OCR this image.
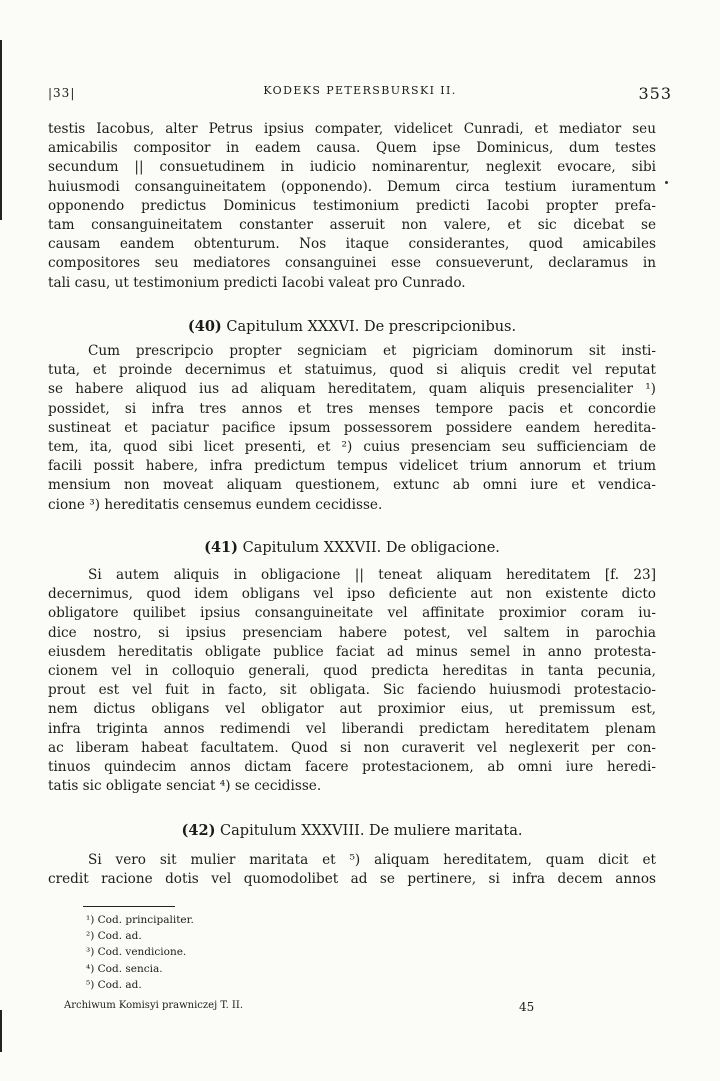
|33|	KODEKS PETERSBURSKI II.	353
testis Iacobus, alter Petrus ipsius compater, videlicet Cunradi, et mediator seu
amicabilis compositor in eadem causa. Quem ipse Dominicus, dum testes
secundum || consuetudinem in iudicio nominarentur, neglexit evocare, sibi
huiusmodi consanguineitatem (opponendo). Demum circa testium iuramentum
opponendo predictus Dominicus testimonium predicti Iacobi propter prefa-
tam consanguineitatem constanter asseruit non valere, et sic dicebat se
causam eandem obtenturum. Nos itaque considerantes, quod amicabiles
compositores seu mediatores consanguinei esse consueverunt, declaramus in
tali casu, ut testimonium predicti Iacobi valeat pro Cunrado.
(40) Capitulum XXXVI. De prescripcionibus.
Cum prescripcio propter segniciam et pigriciam dominorum sit insti-
tuta, et proinde decernimus et statuimus, quod si aliquis credit vel reputat
se habere aliquod ius ad aliquam hereditatem, quam aliquis presencialiter ¹)
possidet, si infra tres annos et tres menses tempore pacis et concordie
sustineat et paciatur pacifice ipsum possessorem possidere eandem heredita-
tem, ita, quod sibi licet presenti, et ²) cuius presenciam seu sufficienciam de
facili possit habere, infra predictum tempus videlicet trium annorum et trium
mensium non moveat aliquam questionem, extunc ab omni iure et vendica-
cione ³) hereditatis censemus eundem cecidisse.
(41) Capitulum XXXVII. De obligacione.
Si autem aliquis in obligacione || teneat aliquam hereditatem [f. 23]
decernimus, quod idem obligans vel ipso deficiente aut non existente dicto
obligatore quilibet ipsius consanguineitate vel affinitate proximior coram iu-
dice nostro, si ipsius presenciam habere potest, vel saltem in parochia
eiusdem hereditatis obligate publice faciat ad minus semel in anno protesta-
cionem vel in colloquio generali, quod predicta hereditas in tanta pecunia,
prout est vel fuit in facto, sit obligata. Sic faciendo huiusmodi protestacio-
nem dictus obligans vel obligator aut proximior eius, ut premissum est,
infra triginta annos redimendi vel liberandi predictam hereditatem plenam
ac liberam habeat facultatem. Quod si non curaverit vel neglexerit per con-
tinuos quindecim annos dictam facere protestacionem, ab omni iure heredi-
tatis sic obligate senciat ⁴) se cecidisse.
(42) Capitulum XXXVIII. De muliere maritata.
Si vero sit mulier maritata et ⁵) aliquam hereditatem, quam dicit et
credit racione dotis vel quomodolibet ad se pertinere, si infra decem annos
¹) Cod. principaliter.
²) Cod. ad.
³) Cod. vendicione.
⁴) Cod. sencia.
⁵) Cod. ad.
Archiwum Komisyi prawniczej T. II.	45
